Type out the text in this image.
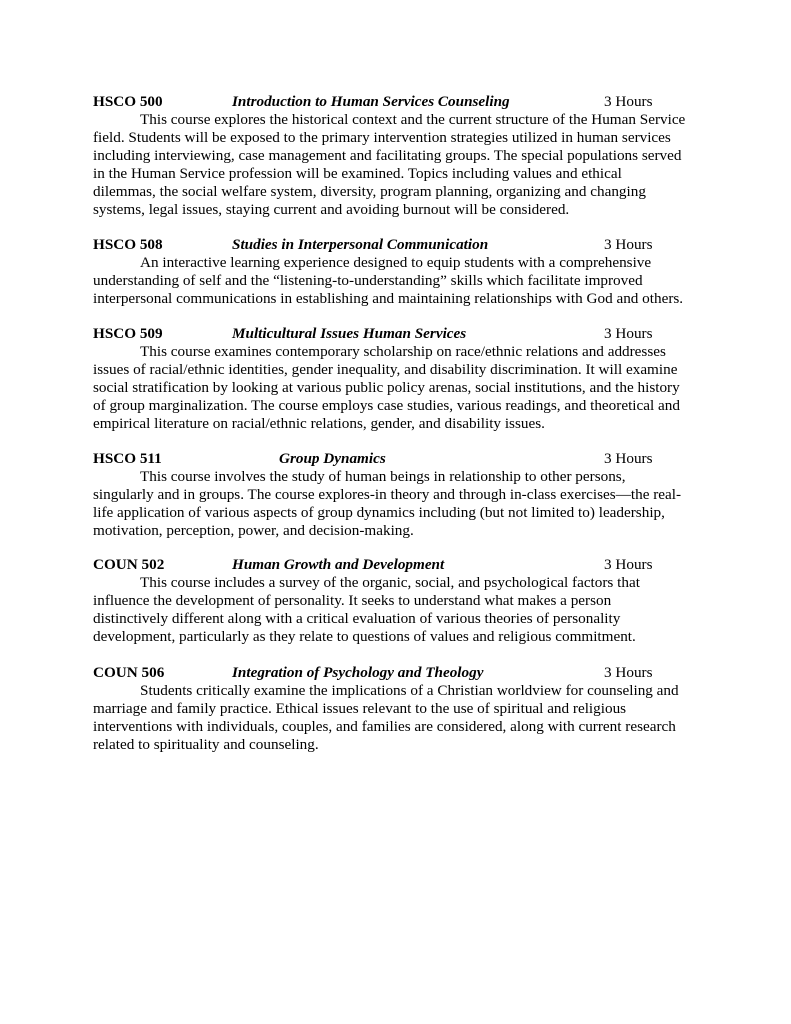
HSCO 500	Introduction to Human Services Counseling	3 Hours

This course explores the historical context and the current structure of the Human Service
field. Students will be exposed to the primary intervention strategies utilized in human services
including interviewing, case management and facilitating groups. The special populations served
in the Human Service profession will be examined. Topics including values and ethical
dilemmas, the social welfare system, diversity, program planning, organizing and changing
systems, legal issues, staying current and avoiding burnout will be considered.

HSCO 508	Studies in Interpersonal Communication	3 Hours

An interactive learning experience designed to equip students with a comprehensive
understanding of self and the “listening-to-understanding” skills which facilitate improved
interpersonal communications in establishing and maintaining relationships with God and others.

HSCO 509	Multicultural Issues Human Services	3 Hours

This course examines contemporary scholarship on race/ethnic relations and addresses
issues of racial/ethnic identities, gender inequality, and disability discrimination. It will examine
social stratification by looking at various public policy arenas, social institutions, and the history
of group marginalization. The course employs case studies, various readings, and theoretical and
empirical literature on racial/ethnic relations, gender, and disability issues.

HSCO 511	Group Dynamics	3 Hours

This course involves the study of human beings in relationship to other persons,
singularly and in groups. The course explores-in theory and through in-class exercises—the real-
life application of various aspects of group dynamics including (but not limited to) leadership,
motivation, perception, power, and decision-making.

COUN 502	Human Growth and Development	3 Hours

This course includes a survey of the organic, social, and psychological factors that
influence the development of personality. It seeks to understand what makes a person
distinctively different along with a critical evaluation of various theories of personality
development, particularly as they relate to questions of values and religious commitment.

COUN 506	Integration of Psychology and Theology	3 Hours

Students critically examine the implications of a Christian worldview for counseling and
marriage and family practice. Ethical issues relevant to the use of spiritual and religious
interventions with individuals, couples, and families are considered, along with current research
related to spirituality and counseling.
